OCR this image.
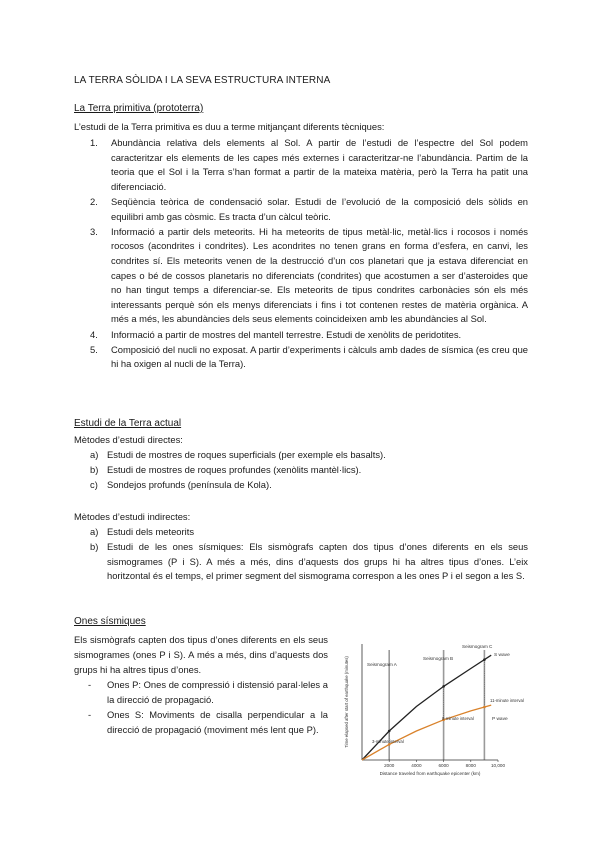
LA TERRA SÒLIDA I LA SEVA ESTRUCTURA INTERNA
La Terra primitiva (prototerra)
L’estudi de la Terra primitiva es duu a terme mitjançant diferents tècniques:
1. Abundància relativa dels elements al Sol. A partir de l’estudi de l’espectre del Sol podem caracteritzar els elements de les capes més externes i caracteritzar-ne l’abundància. Partim de la teoria que el Sol i la Terra s’han format a partir de la mateixa matèria, però la Terra ha patit una diferenciació.
2. Seqüència teòrica de condensació solar. Estudi de l’evolució de la composició dels sòlids en equilibri amb gas còsmic. Es tracta d’un càlcul teòric.
3. Informació a partir dels meteorits. Hi ha meteorits de tipus metàl·lic, metàl·lics i rocosos i només rocosos (acondrites i condrites). Les acondrites no tenen grans en forma d’esfera, en canvi, les condrites sí. Els meteorits venen de la destrucció d’un cos planetari que ja estava diferenciat en capes o bé de cossos planetaris no diferenciats (condrites) que acostumen a ser d’asteroides que no han tingut temps a diferenciar-se. Els meteorits de tipus condrites carbonàcies són els més interessants perquè són els menys diferenciats i fins i tot contenen restes de matèria orgànica. A més a més, les abundàncies dels seus elements coincideixen amb les abundàncies al Sol.
4. Informació a partir de mostres del mantell terrestre. Estudi de xenòlits de peridotites.
5. Composició del nucli no exposat. A partir d’experiments i càlculs amb dades de sísmica (es creu que hi ha oxigen al nucli de la Terra).
Estudi de la Terra actual
Mètodes d’estudi directes:
a) Estudi de mostres de roques superficials (per exemple els basalts).
b) Estudi de mostres de roques profundes (xenòlits mantèl·lics).
c) Sondejos profunds (península de Kola).
Mètodes d’estudi indirectes:
a) Estudi dels meteorits
b) Estudi de les ones sísmiques: Els sismògrafs capten dos tipus d’ones diferents en els seus sismogrames (P i S). A més a més, dins d’aquests dos grups hi ha altres tipus d’ones. L’eix horitzontal és el temps, el primer segment del sismograma correspon a les ones P i el segon a les S.
Ones sísmiques
Els sismògrafs capten dos tipus d’ones diferents en els seus sismogrames (ones P i S). A més a més, dins d’aquests dos grups hi ha altres tipus d’ones.
- Ones P: Ones de compressió i distensió paral·leles a la direcció de propagació.
- Ones S: Moviments de cisalla perpendicular a la direcció de propagació (moviment més lent que P).
2000	4000	6000	8000	10,000
Time elapsed after start of earthquake (minutes)
Distance traveled from earthquake epicenter (km)
Seismogram A
Seismogram B
Seismogram C
S wave
P wave
3-minute interval
8-minute interval
11-minute interval
